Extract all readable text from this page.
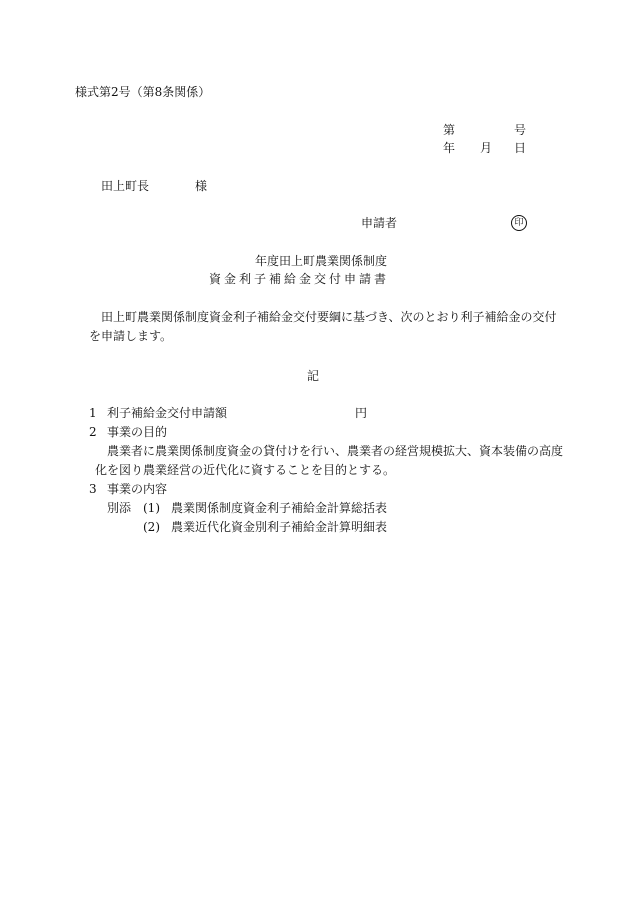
様式第2号（第8条関係）
第	号
年 月 日
田上町長	様
申請者	印
年度田上町農業関係制度
資金利子補給金交付申請書
田上町農業関係制度資金利子補給金交付要綱に基づき、次のとおり利子補給金の交付
を申請します。
記
1 利子補給金交付申請額	円
2 事業の目的
農業者に農業関係制度資金の貸付けを行い、農業者の経営規模拡大、資本装備の高度
化を図り農業経営の近代化に資することを目的とする。
3 事業の内容
別添 (1) 農業関係制度資金利子補給金計算総括表
(2) 農業近代化資金別利子補給金計算明細表
